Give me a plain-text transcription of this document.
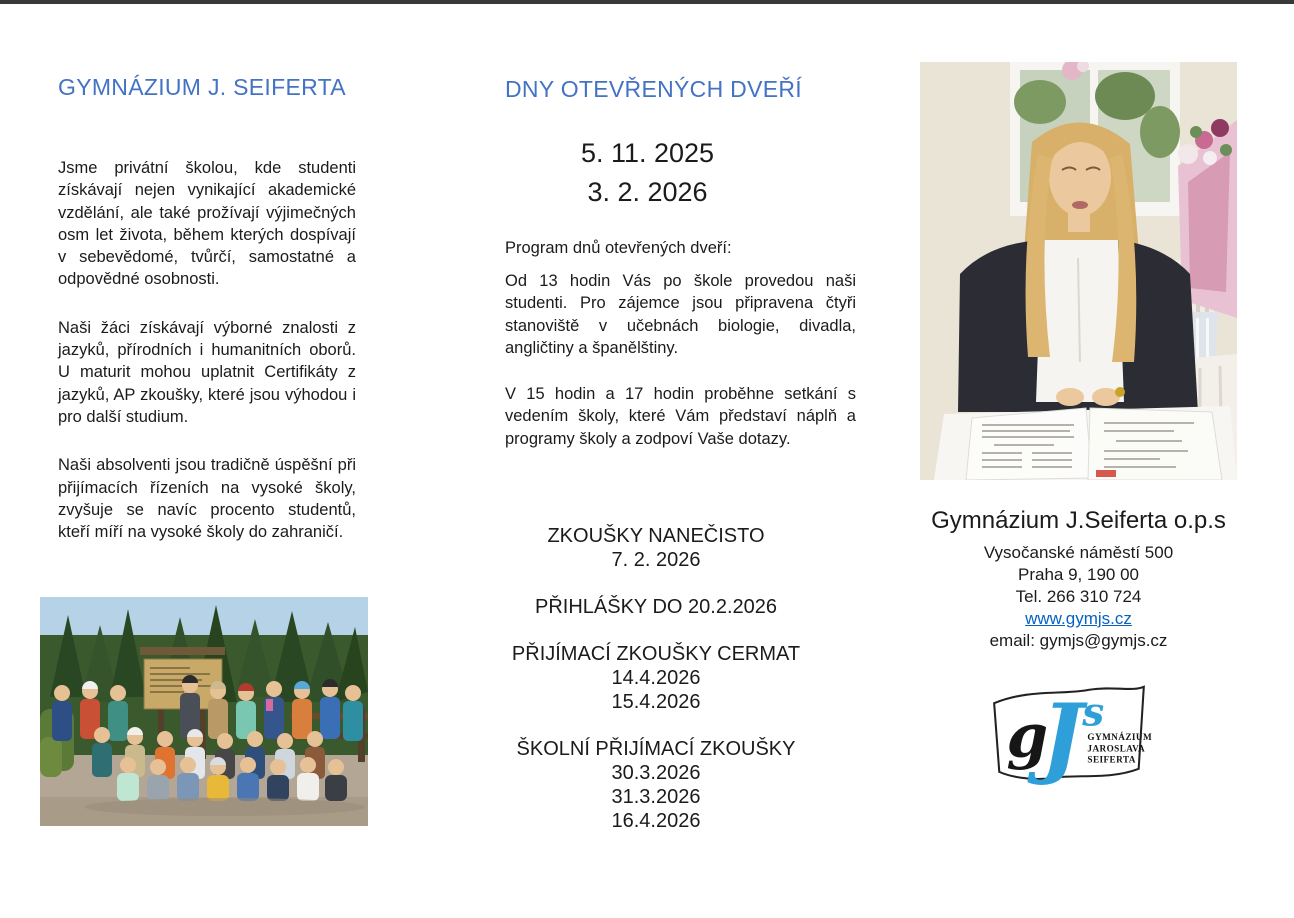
GYMNÁZIUM J. SEIFERTA

Jsme privátní školou, kde studenti získávají nejen vynikající akademické vzdělání, ale také prožívají výjimečných osm let života, během kterých dospívají v sebevědomé, tvůrčí, samostatné a odpovědné osobnosti.

Naši žáci získávají výborné znalosti z jazyků, přírodních i humanitních oborů. U maturit mohou uplatnit Certifikáty z jazyků, AP zkoušky, které jsou výhodou i pro další studium.

Naši absolventi jsou tradičně úspěšní při přijímacích řízeních na vysoké školy, zvyšuje se navíc procento studentů, kteří míří na vysoké školy do zahraničí.

DNY OTEVŘENÝCH DVEŘÍ
5. 11. 2025
3. 2. 2026

Program dnů otevřených dveří:

Od 13 hodin Vás po škole provedou naši studenti. Pro zájemce jsou připravena čtyři stanoviště v učebnách biologie, divadla, angličtiny a španělštiny.

V 15 hodin a 17 hodin proběhne setkání s vedením školy, které Vám představí náplň a programy školy a zodpoví Vaše dotazy.

ZKOUŠKY NANEČISTO
7. 2. 2026
PŘIHLÁŠKY DO 20.2.2026
PŘIJÍMACÍ ZKOUŠKY CERMAT
14.4.2026
15.4.2026
ŠKOLNÍ PŘIJÍMACÍ ZKOUŠKY
30.3.2026
31.3.2026
16.4.2026

Gymnázium J.Seiferta o.p.s

Vysočanské náměstí 500

Praha 9, 190 00

Tel. 266 310 724

www.gymjs.cz

email: gymjs@gymjs.cz

g
J s
GYMNÁZIUM
JAROSLAVA
SEIFERTA
